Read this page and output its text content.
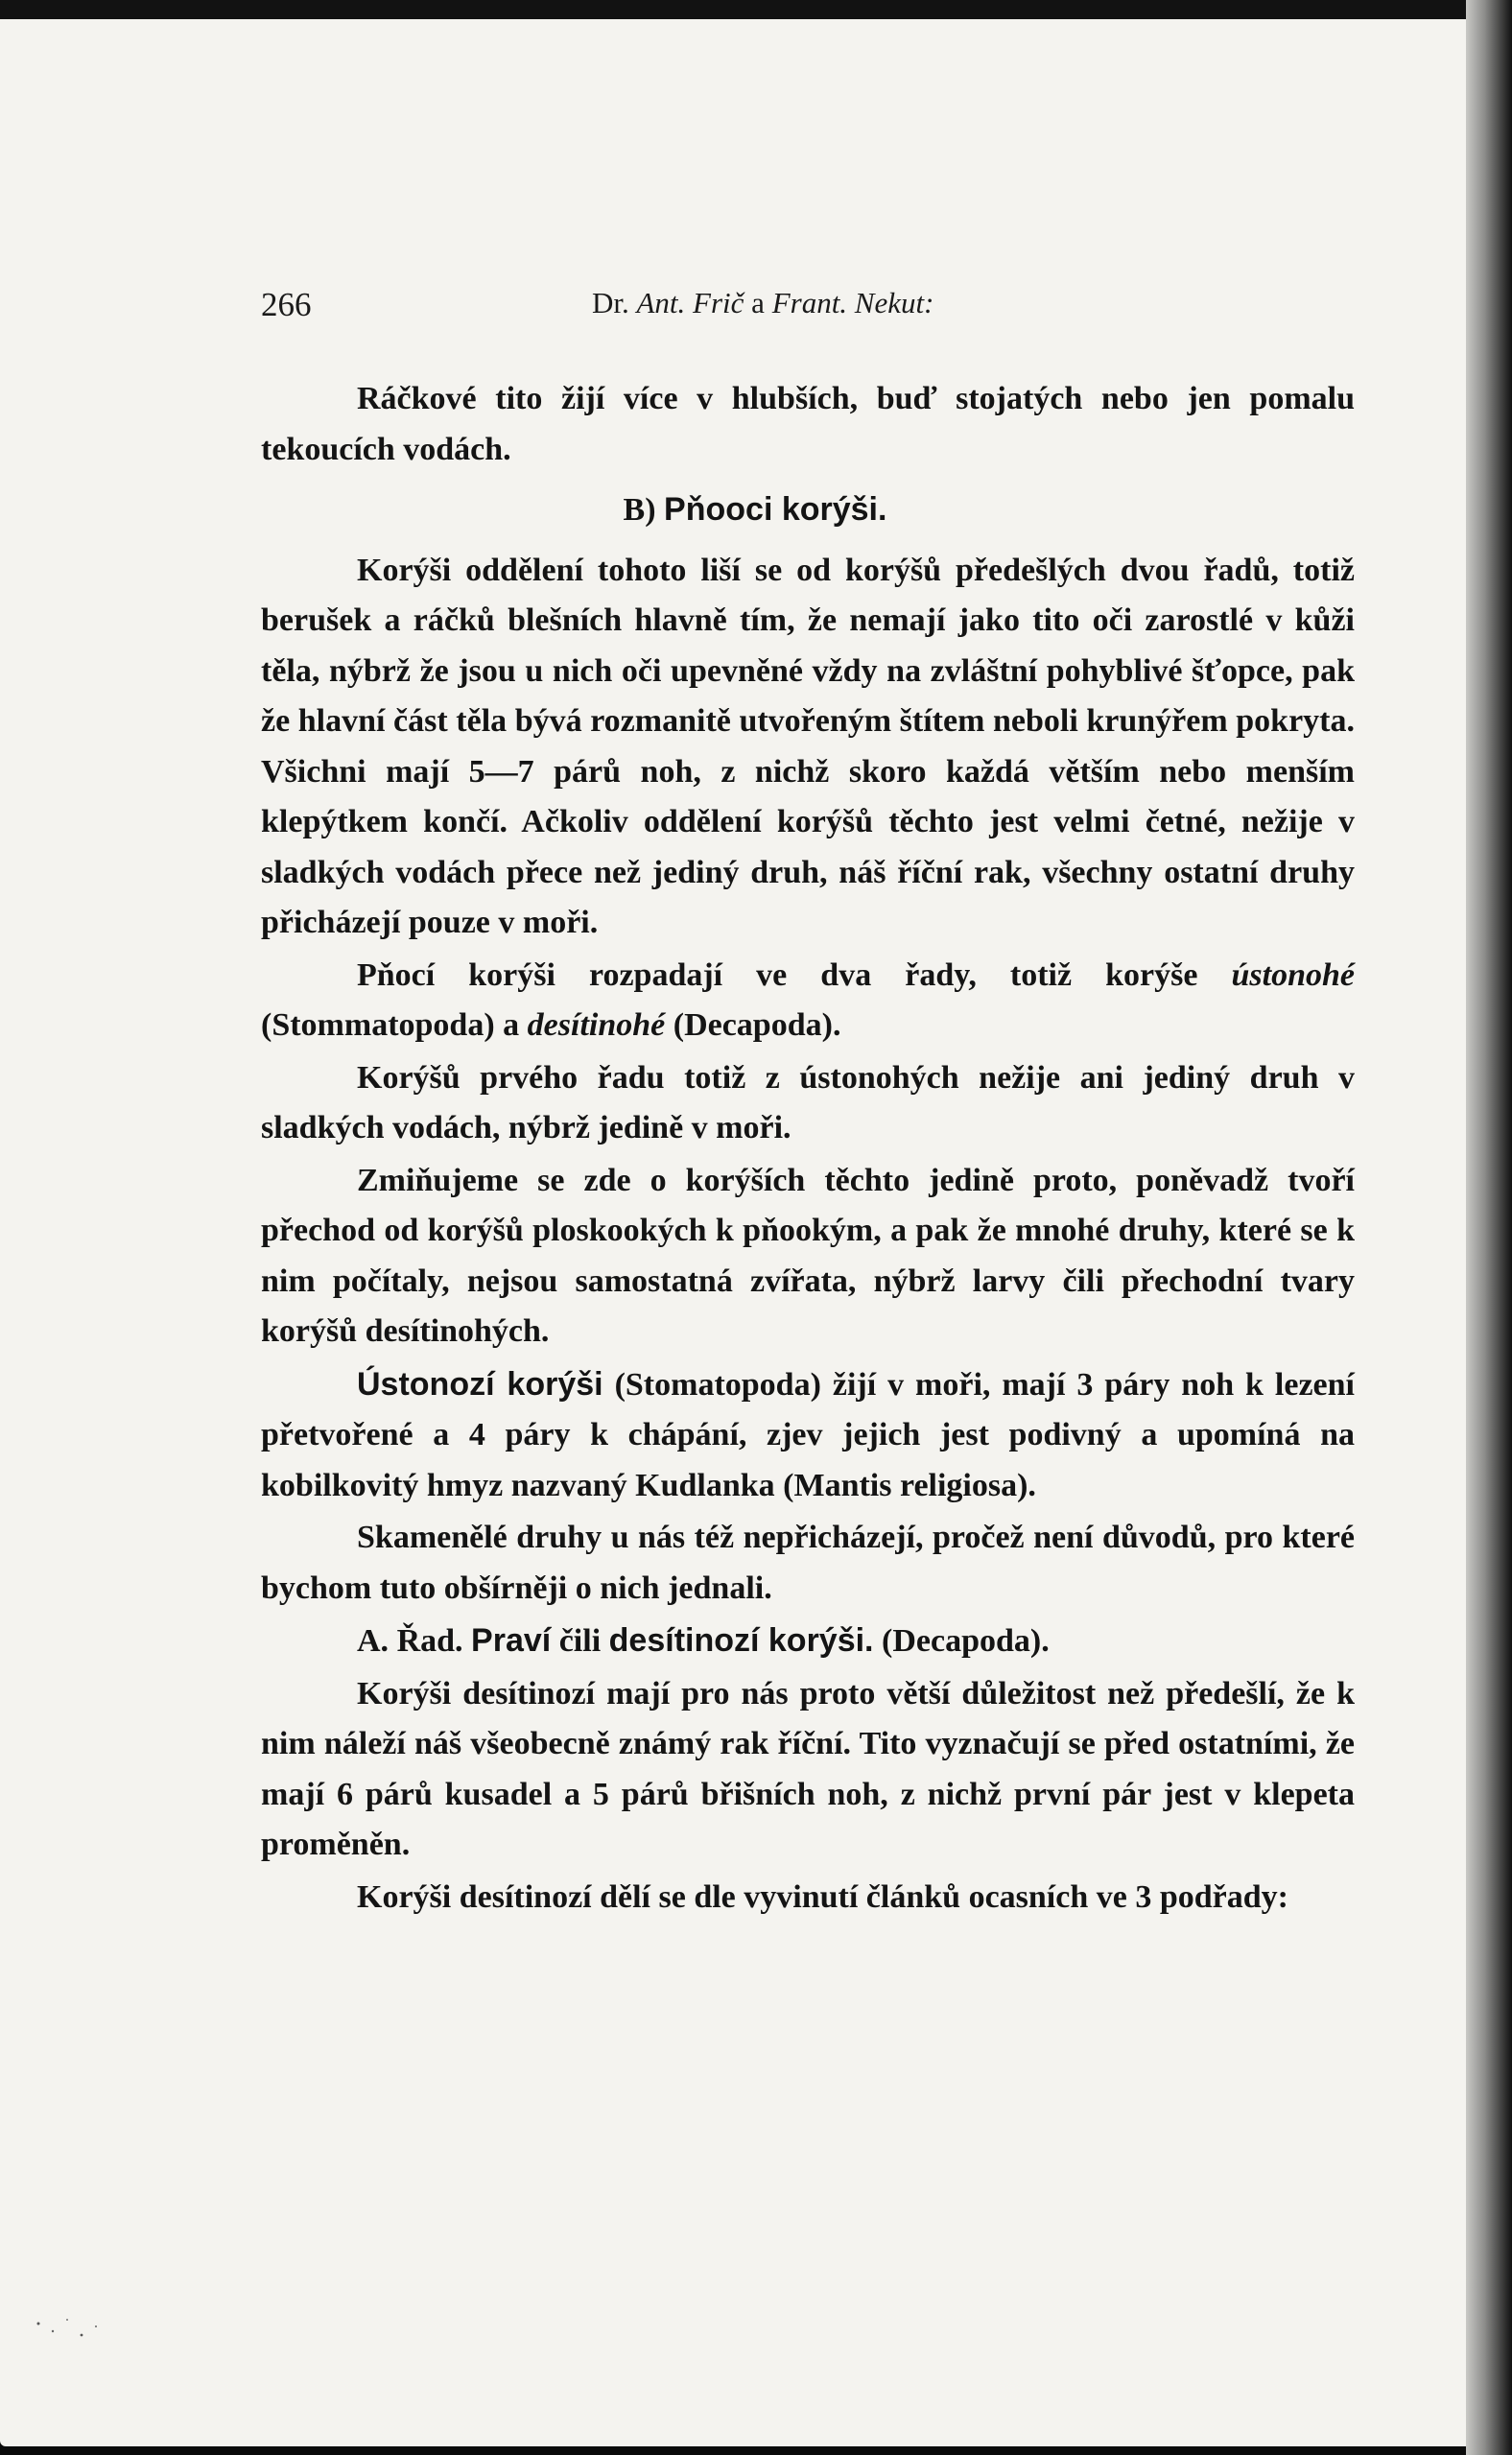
266	Dr. Ant. Frič a Frant. Nekut:

Ráčkové tito žijí více v hlubších, buď stojatých nebo jen pomalu tekoucích vodách.

B) Pňooci korýši.

Korýši oddělení tohoto liší se od korýšů předešlých dvou řadů, totiž berušek a ráčků blešních hlavně tím, že nemají jako tito oči zarostlé v kůži těla, nýbrž že jsou u nich oči upevněné vždy na zvláštní pohyblivé šťopce, pak že hlavní část těla bývá rozmanitě utvořeným štítem neboli krunýřem pokryta. Všichni mají 5—7 párů noh, z nichž skoro každá větším nebo menším klepýtkem končí. Ačkoliv oddělení korýšů těchto jest velmi četné, nežije v sladkých vodách přece než jediný druh, náš říční rak, všechny ostatní druhy přicházejí pouze v moři.

Pňocí korýši rozpadají ve dva řady, totiž korýše ústonohé (Stommatopoda) a desítinohé (Decapoda).

Korýšů prvého řadu totiž z ústonohých nežije ani jediný druh v sladkých vodách, nýbrž jedině v moři.

Zmiňujeme se zde o korýších těchto jedině proto, poněvadž tvoří přechod od korýšů ploskookých k pňookým, a pak že mnohé druhy, které se k nim počítaly, nejsou samostatná zvířata, nýbrž larvy čili přechodní tvary korýšů desítinohých.

Ústonozí korýši (Stomatopoda) žijí v moři, mají 3 páry noh k lezení přetvořené a 4 páry k chápání, zjev jejich jest podivný a upomíná na kobilkovitý hmyz nazvaný Kudlanka (Mantis religiosa).

Skamenělé druhy u nás též nepřicházejí, pročež není důvodů, pro které bychom tuto obšírněji o nich jednali.

A. Řad. Praví čili desítinozí korýši. (Decapoda).

Korýši desítinozí mají pro nás proto větší důležitost než předešlí, že k nim náleží náš všeobecně známý rak říční. Tito vyznačují se před ostatními, že mají 6 párů kusadel a 5 párů břišních noh, z nichž první pár jest v klepeta proměněn.

Korýši desítinozí dělí se dle vyvinutí článků ocasních ve 3 podřady:
